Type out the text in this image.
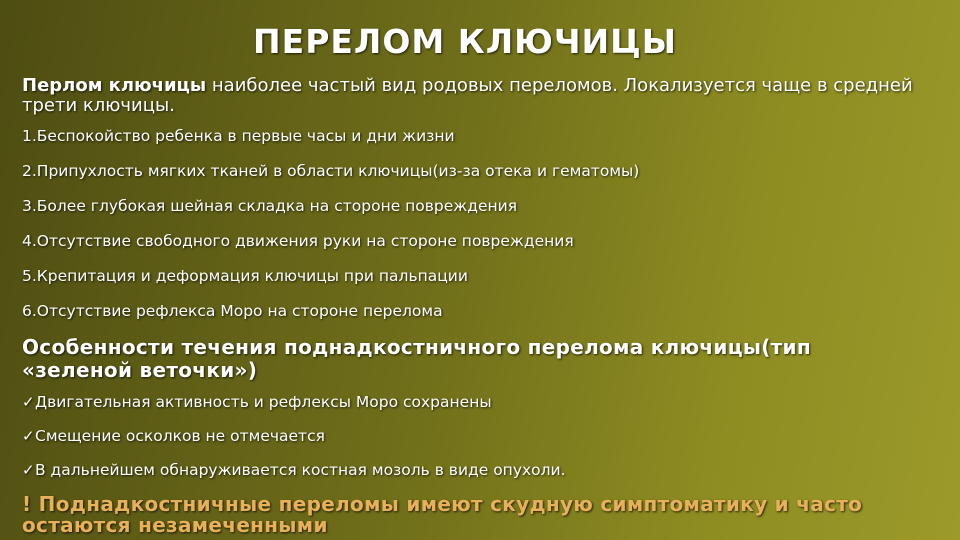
ПЕРЕЛОМ КЛЮЧИЦЫ

Перлом ключицы наиболее частый вид родовых переломов. Локализуется чаще в средней трети ключицы.

1.Беспокойство ребенка в первые часы и дни жизни

2.Припухлость мягких тканей в области ключицы(из-за отека и гематомы)

3.Более глубокая шейная складка на стороне повреждения

4.Отсутствие свободного движения руки на стороне повреждения

5.Крепитация и деформация ключицы при пальпации

6.Отсутствие рефлекса Моро на стороне перелома

Особенности течения поднадкостничного перелома ключицы(тип «зеленой веточки»)

✓Двигательная активность и рефлексы Моро сохранены

✓Смещение осколков не отмечается

✓В дальнейшем обнаруживается костная мозоль в виде опухоли.

! Поднадкостничные переломы имеют скудную симптоматику и часто остаются незамеченными
